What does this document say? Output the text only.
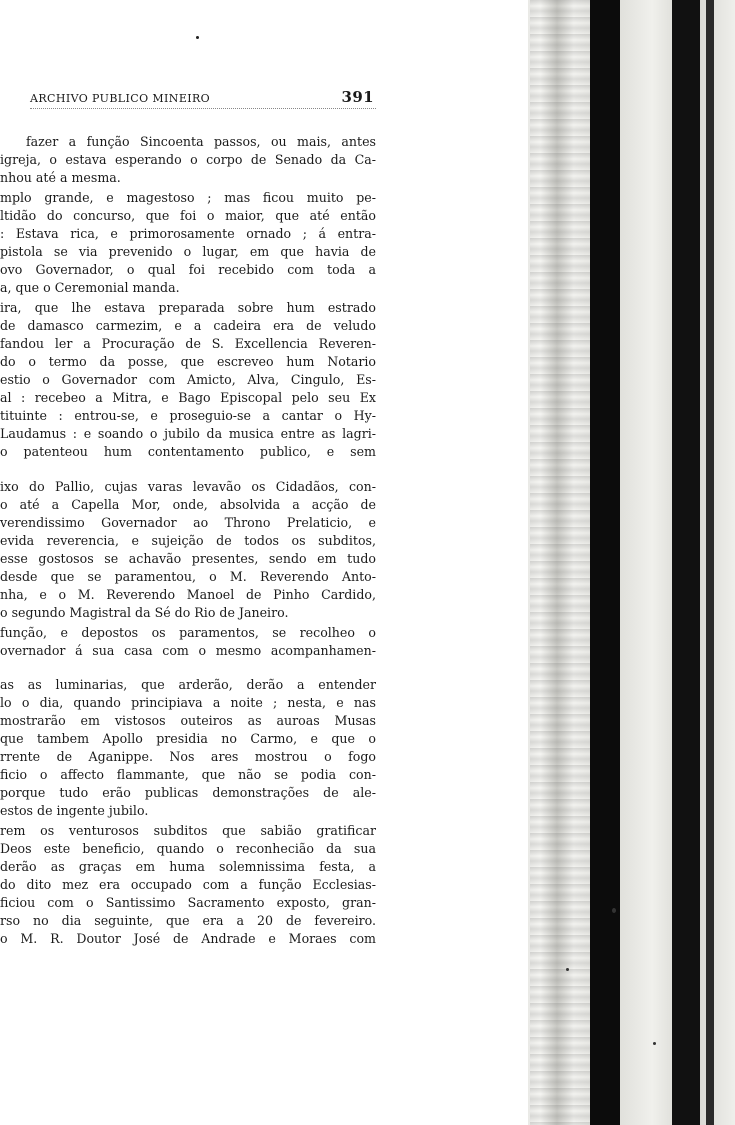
ARCHIVO PUBLICO MINEIRO	391
fazer a função Sincoenta passos, ou mais, antes
igreja, o estava esperando o corpo de Senado da Ca-
nhou até a mesma.
mplo grande, e magestoso ; mas ficou muito pe-
ltidão do concurso, que foi o maior, que até então
: Estava rica, e primorosamente ornado ; á entra-
pistola se via prevenido o lugar, em que havia de
ovo Governador, o qual foi recebido com toda a
a, que o Ceremonial manda.
ira, que lhe estava preparada sobre hum estrado
de damasco carmezim, e a cadeira era de veludo
fandou ler a Procuração de S. Excellencia Reveren-
do o termo da posse, que escreveo hum Notario
estio o Governador com Amicto, Alva, Cingulo, Es-
al : recebeo a Mitra, e Bago Episcopal pelo seu Ex
tituinte : entrou-se, e proseguio-se a cantar o Hy-
Laudamus : e soando o jubilo da musica entre as lagri-
o patenteou hum contentamento publico, e sem
ixo do Pallio, cujas varas levavão os Cidadãos, con-
o até a Capella Mor, onde, absolvida a acção de
verendissimo Governador ao Throno Prelaticio, e
evida reverencia, e sujeição de todos os subditos,
esse gostosos se achavão presentes, sendo em tudo
desde que se paramentou, o M. Reverendo Anto-
nha, e o M. Reverendo Manoel de Pinho Cardido,
o segundo Magistral da Sé do Rio de Janeiro.
função, e depostos os paramentos, se recolheo o
overnador á sua casa com o mesmo acompanhamen-
as as luminarias, que arderão, derão a entender
lo o dia, quando principiava a noite ; nesta, e nas
mostrarão em vistosos outeiros as auroas Musas
que tambem Apollo presidia no Carmo, e que o
rrente de Aganippe. Nos ares mostrou o fogo
ficio o affecto flammante, que não se podia con-
porque tudo erão publicas demonstrações de ale-
estos de ingente jubilo.
rem os venturosos subditos que sabião gratificar
Deos este beneficio, quando o reconhecião da sua
derão as graças em huma solemnissima festa, a
do dito mez era occupado com a função Ecclesias-
ficiou com o Santissimo Sacramento exposto, gran-
rso no dia seguinte, que era a 20 de fevereiro.
o M. R. Doutor José de Andrade e Moraes com
